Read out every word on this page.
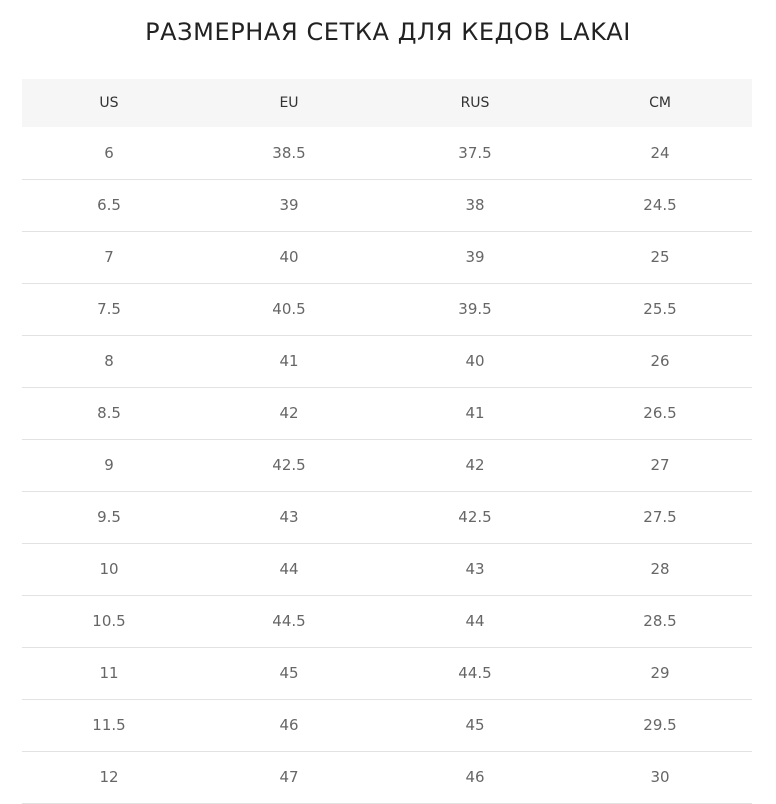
РАЗМЕРНАЯ СЕТКА ДЛЯ КЕДОВ LAKAI
US	EU	RUS	CM
6	38.5	37.5	24
6.5	39	38	24.5
7	40	39	25
7.5	40.5	39.5	25.5
8	41	40	26
8.5	42	41	26.5
9	42.5	42	27
9.5	43	42.5	27.5
10	44	43	28
10.5	44.5	44	28.5
11	45	44.5	29
11.5	46	45	29.5
12	47	46	30
